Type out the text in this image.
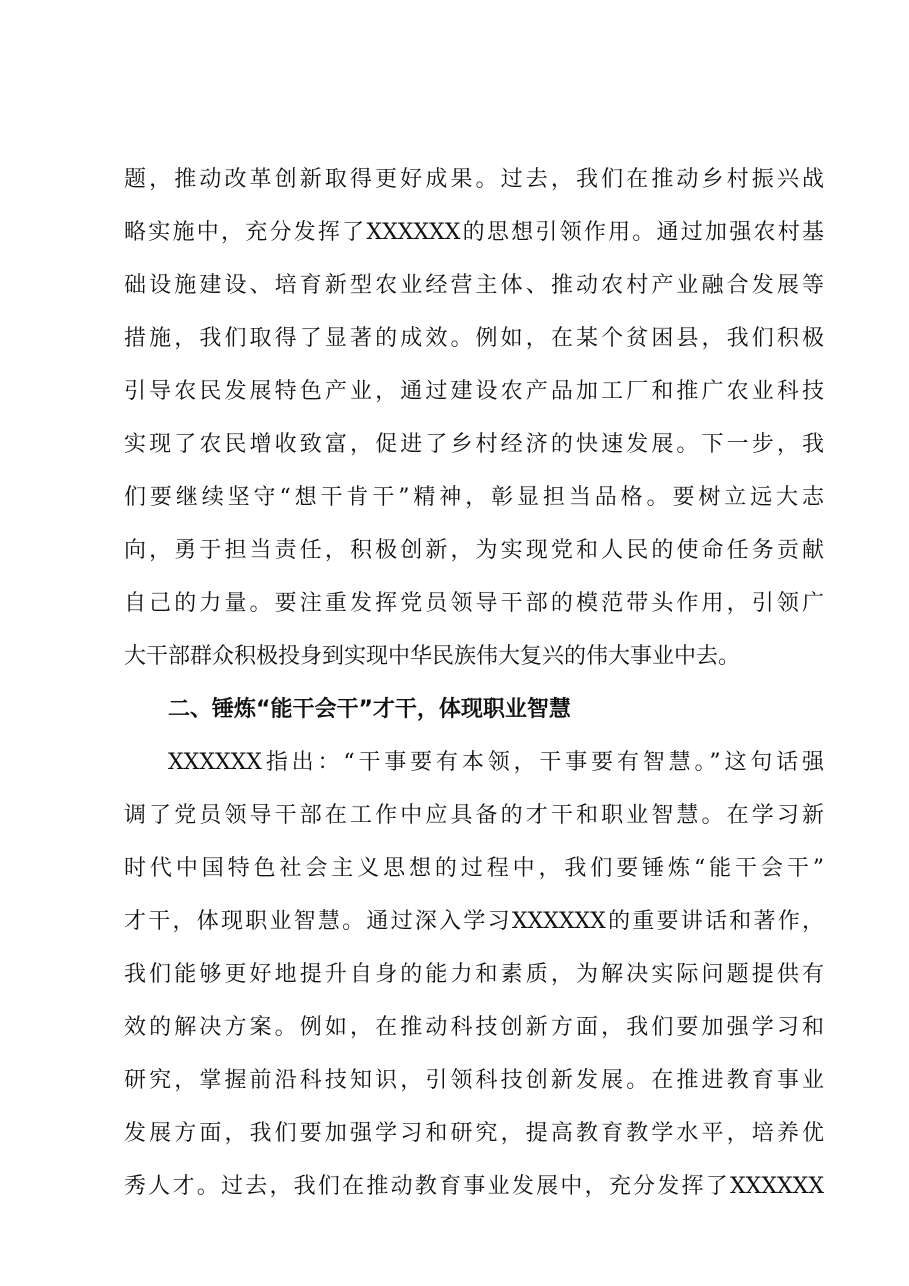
题，推动改革创新取得更好成果。过去，我们在推动乡村振兴战
略实施中，充分发挥了XXXXXX的思想引领作用。通过加强农村基
础设施建设、培育新型农业经营主体、推动农村产业融合发展等
措施，我们取得了显著的成效。例如，在某个贫困县，我们积极
引导农民发展特色产业，通过建设农产品加工厂和推广农业科技
实现了农民增收致富，促进了乡村经济的快速发展。下一步，我
们要继续坚守“想干肯干”精神，彰显担当品格。要树立远大志
向，勇于担当责任，积极创新，为实现党和人民的使命任务贡献
自己的力量。要注重发挥党员领导干部的模范带头作用，引领广
大干部群众积极投身到实现中华民族伟大复兴的伟大事业中去。
二、锤炼“能干会干”才干，体现职业智慧
XXXXXX指出：“干事要有本领，干事要有智慧。”这句话强
调了党员领导干部在工作中应具备的才干和职业智慧。在学习新
时代中国特色社会主义思想的过程中，我们要锤炼“能干会干”
才干，体现职业智慧。通过深入学习XXXXXX的重要讲话和著作，
我们能够更好地提升自身的能力和素质，为解决实际问题提供有
效的解决方案。例如，在推动科技创新方面，我们要加强学习和
研究，掌握前沿科技知识，引领科技创新发展。在推进教育事业
发展方面，我们要加强学习和研究，提高教育教学水平，培养优
秀人才。过去，我们在推动教育事业发展中，充分发挥了XXXXXX
